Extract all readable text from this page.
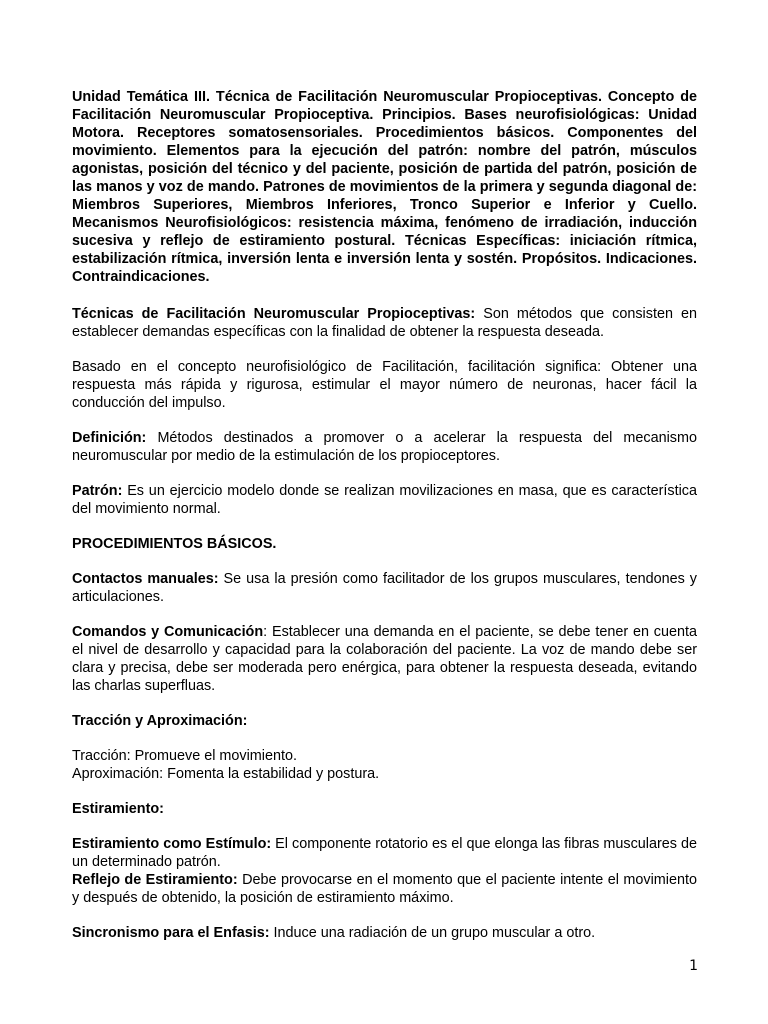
Unidad Temática III. Técnica de Facilitación Neuromuscular Propioceptivas. Concepto de Facilitación Neuromuscular Propioceptiva. Principios. Bases neurofisiológicas: Unidad Motora. Receptores somatosensoriales. Procedimientos básicos. Componentes del movimiento. Elementos para la ejecución del patrón: nombre del patrón, músculos agonistas, posición del técnico y del paciente, posición de partida del patrón, posición de las manos y voz de mando. Patrones de movimientos de la primera y segunda diagonal de: Miembros Superiores, Miembros Inferiores, Tronco Superior e Inferior y Cuello. Mecanismos Neurofisiológicos: resistencia máxima, fenómeno de irradiación, inducción sucesiva y reflejo de estiramiento postural. Técnicas Específicas: iniciación rítmica, estabilización rítmica, inversión lenta e inversión lenta y sostén. Propósitos. Indicaciones. Contraindicaciones.

Técnicas de Facilitación Neuromuscular Propioceptivas: Son métodos que consisten en establecer demandas específicas con la finalidad de obtener la respuesta deseada.

Basado en el concepto neurofisiológico de Facilitación, facilitación significa: Obtener una respuesta más rápida y rigurosa, estimular el mayor número de neuronas, hacer fácil la conducción del impulso.

Definición: Métodos destinados a promover o a acelerar la respuesta del mecanismo neuromuscular por medio de la estimulación de los propioceptores.

Patrón: Es un ejercicio modelo donde se realizan movilizaciones en masa, que es característica del movimiento normal.

PROCEDIMIENTOS BÁSICOS.

Contactos manuales: Se usa la presión como facilitador de los grupos musculares, tendones y articulaciones.

Comandos y Comunicación: Establecer una demanda en el paciente, se debe tener en cuenta el nivel de desarrollo y capacidad para la colaboración del paciente. La voz de mando debe ser clara y precisa, debe ser moderada pero enérgica, para obtener la respuesta deseada, evitando las charlas superfluas.

Tracción y Aproximación:

Tracción: Promueve el movimiento.

Aproximación: Fomenta la estabilidad y postura.

Estiramiento:

Estiramiento como Estímulo: El componente rotatorio es el que elonga las fibras musculares de un determinado patrón.

Reflejo de Estiramiento: Debe provocarse en el momento que el paciente intente el movimiento y después de obtenido, la posición de estiramiento máximo.

Sincronismo para el Enfasis: Induce una radiación de un grupo muscular a otro.

1
